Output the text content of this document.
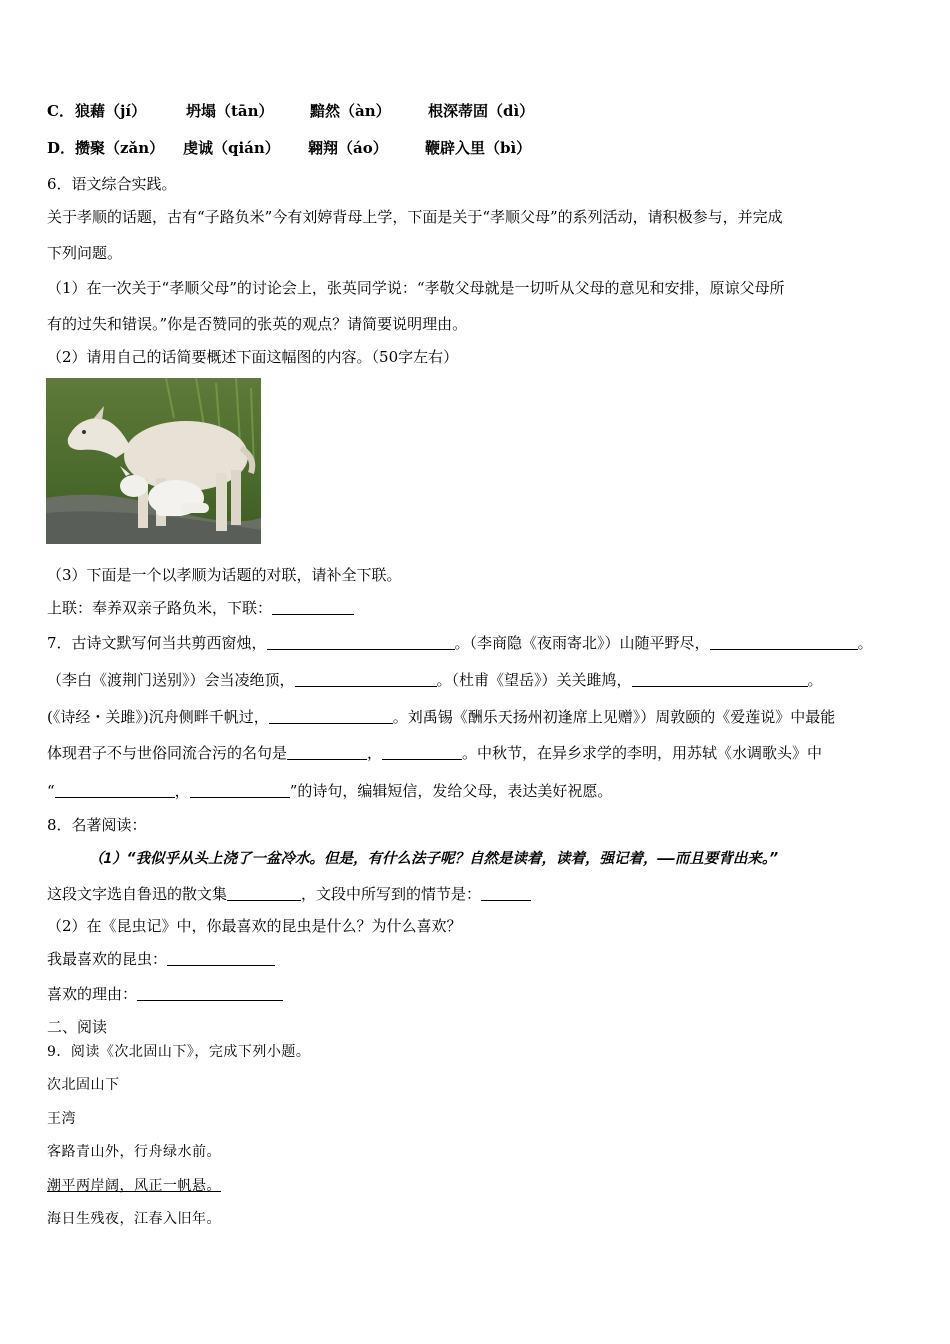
C． 狼藉（jí）	坍塌（tān） 黯然（àn） 根深蒂固（dì）
D． 攒聚（zǎn） 虔诚（qián） 翱翔（áo） 鞭辟入里（bì）
6．语文综合实践。
关于孝顺的话题，古有“子路负米”今有刘婷背母上学，下面是关于“孝顺父母”的系列活动，请积极参与，并完成
下列问题。
（1）在一次关于“孝顺父母”的讨论会上，张英同学说：“孝敬父母就是一切听从父母的意见和安排，原谅父母所
有的过失和错误。”你是否赞同的张英的观点？请简要说明理由。
（2）请用自己的话简要概述下面这幅图的内容。（50字左右）
（3）下面是一个以孝顺为话题的对联，请补全下联。
上联：奉养双亲子路负米，下联：
7．古诗文默写何当共剪西窗烛，	。（李商隐《夜雨寄北》）山随平野尽，	。
（李白《渡荆门送别》）会当凌绝顶，	。（杜甫《望岳》）关关雎鸠，	。
(《诗经・关雎》)沉舟侧畔千帆过，	。刘禹锡《酬乐天扬州初逢席上见赠》）周敦颐的《爱莲说》中最能
体现君子不与世俗同流合污的名句是	，	。中秋节，在异乡求学的李明，用苏轼《水调歌头》中
“	，	”的诗句，编辑短信，发给父母，表达美好祝愿。
8．名著阅读：
（1）“我似乎从头上浇了一盆冷水。但是，有什么法子呢？自然是读着，读着，强记着，——而且要背出来。”
这段文字选自鲁迅的散文集	，文段中所写到的情节是：
（2）在《昆虫记》中，你最喜欢的昆虫是什么？为什么喜欢？
我最喜欢的昆虫：
喜欢的理由：
二、阅读
9．阅读《次北固山下》，完成下列小题。
次北固山下
王湾
客路青山外，行舟绿水前。
潮平两岸阔，风正一帆悬。
海日生残夜，江春入旧年。
